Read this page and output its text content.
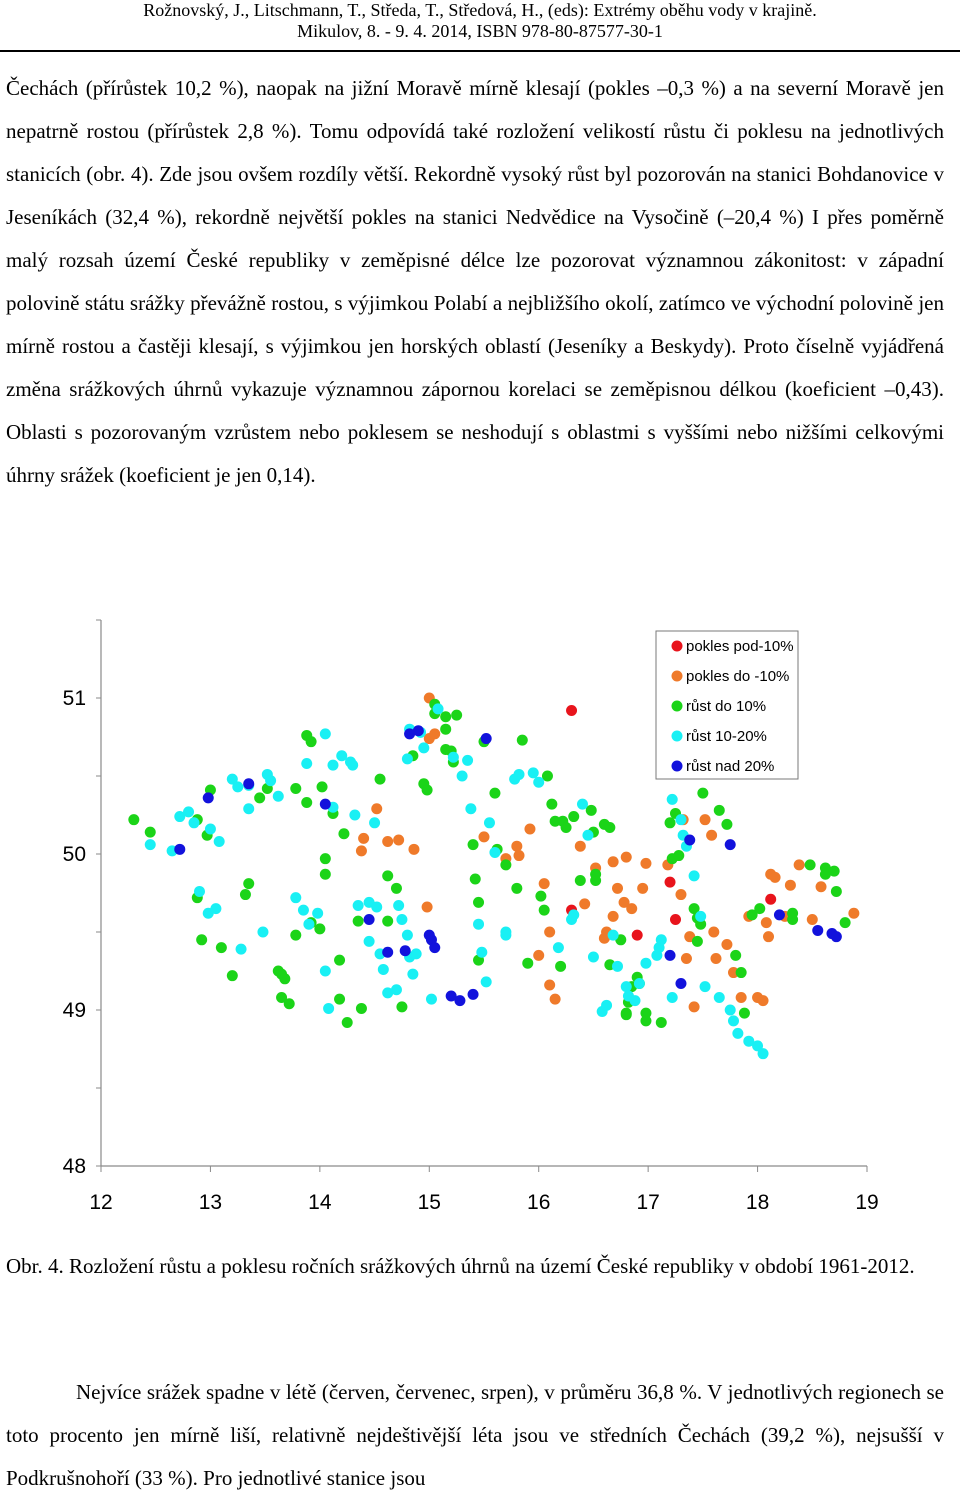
Rožnovský, J., Litschmann, T., Středa, T., Středová, H., (eds): Extrémy oběhu vody v krajině.
Mikulov, 8. - 9. 4. 2014, ISBN 978-80-87577-30-1

Čechách (přírůstek 10,2 %), naopak na jižní Moravě mírně klesají (pokles –0,3 %) a na severní Moravě jen nepatrně rostou (přírůstek 2,8 %). Tomu odpovídá také rozložení velikostí růstu či poklesu na jednotlivých stanicích (obr. 4). Zde jsou ovšem rozdíly větší. Rekordně vysoký růst byl pozorován na stanici Bohdanovice v Jeseníkách (32,4 %), rekordně největší pokles na stanici Nedvědice na Vysočině (–20,4 %) I přes poměrně malý rozsah území České republiky v zeměpisné délce lze pozorovat významnou zákonitost: v západní polovině státu srážky převážně rostou, s výjimkou Polabí a nejbližšího okolí, zatímco ve východní polovině jen mírně rostou a častěji klesají, s výjimkou jen horských oblastí (Jeseníky a Beskydy). Proto číselně vyjádřená změna srážkových úhrnů vykazuje významnou zápornou korelaci se zeměpisnou délkou (koeficient –0,43). Oblasti s pozorovaným vzrůstem nebo poklesem se neshodují s oblastmi s vyššími nebo nižšími celkovými úhrny srážek (koeficient je jen 0,14).

48
49
50
51
12	13	14	15	16	17	18	19
pokles pod-10%
pokles do -10%
růst do 10%
růst 10-20%
růst nad 20%

Obr. 4. Rozložení růstu a poklesu ročních srážkových úhrnů na území České republiky v období 1961-2012.

Nejvíce srážek spadne v létě (červen, červenec, srpen), v průměru 36,8 %. V jednotlivých regionech se toto procento jen mírně liší, relativně nejdeštivější léta jsou ve středních Čechách (39,2 %), nejsušší v Podkrušnohoří (33 %). Pro jednotlivé stanice jsou
